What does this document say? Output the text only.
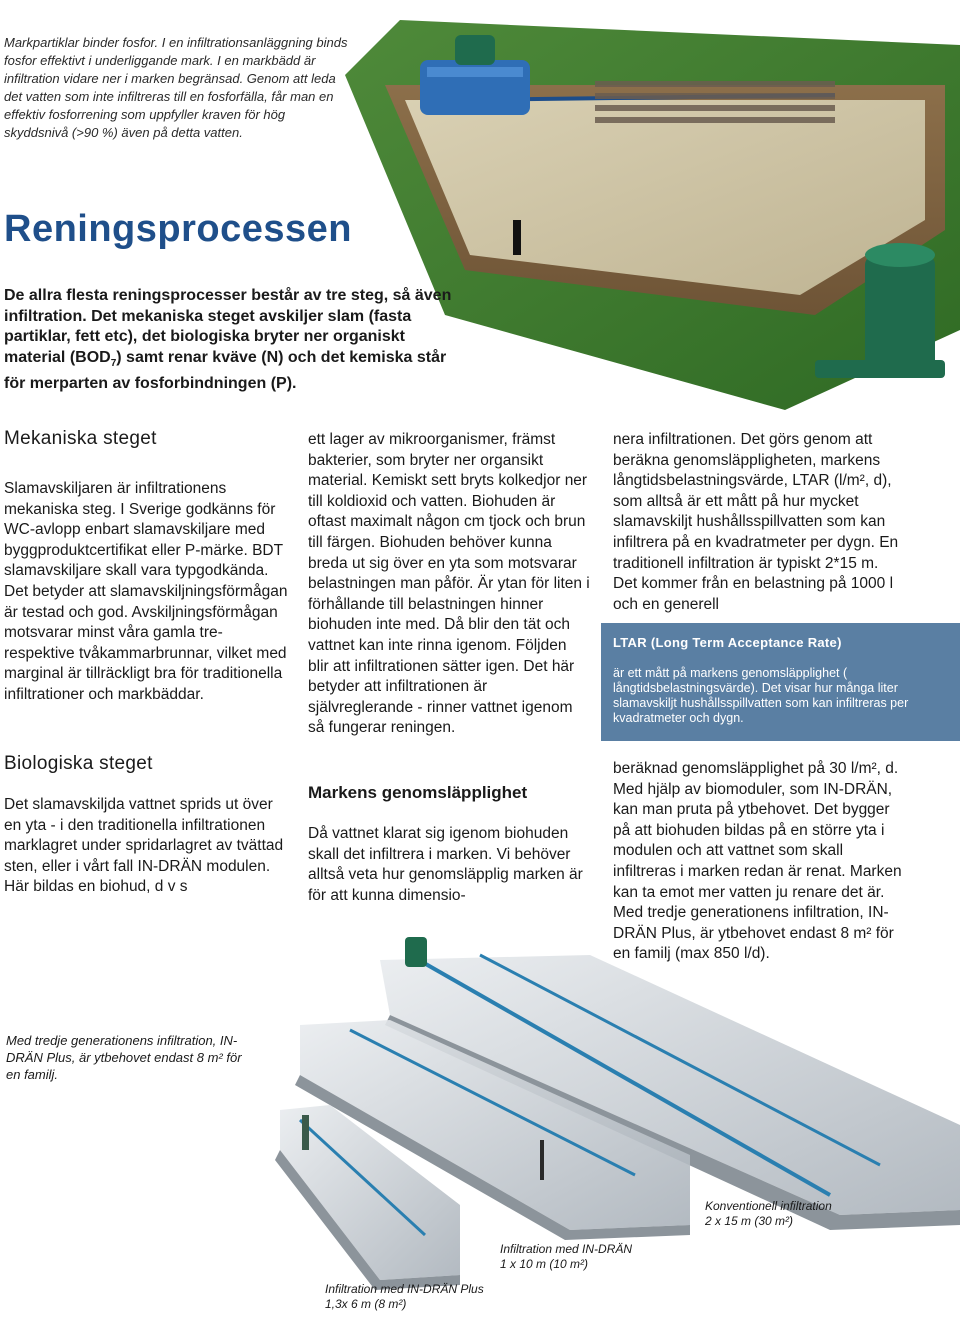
Markpartiklar binder fosfor. I en infiltrationsanläggning binds fosfor effektivt i underliggande mark. I en markbädd är infiltration vidare ner i marken begränsad. Genom att leda det vatten som inte infiltreras till en fosforfälla, får man en effektiv fosforrening som uppfyller kraven för hög skyddsnivå (>90 %) även på detta vatten.
Reningsprocessen

De allra flesta reningsprocesser består av tre steg, så även infiltration. Det mekaniska steget avskiljer slam (fasta partiklar, fett etc), det biologiska bryter ner organiskt material $(BOD_7)$ samt renar kväve (N) och det kemiska står för merparten av fosforbindningen (P).

Mekaniska steget

Slamavskiljaren är infiltrationens mekaniska steg. I Sverige godkänns för WC-avlopp enbart slamavskiljare med byggproduktcertifikat eller P-märke. BDT slamavskiljare skall vara typgodkända. Det betyder att slamavskiljningsförmågan är testad och god. Avskiljningsförmågan motsvarar minst våra gamla tre- respektive tvåkammarbrunnar, vilket med marginal är tillräckligt bra för traditionella infiltrationer och markbäddar.

Biologiska steget

Det slamavskiljda vattnet sprids ut över en yta - i den traditionella infiltrationen marklagret under spridarlagret av tvättad sten, eller i vårt fall IN-DRÄN modulen. Här bildas en biohud, d v s

ett lager av mikroorganismer, främst bakterier, som bryter ner organsikt material. Kemiskt sett bryts kolkedjor ner till koldioxid och vatten. Biohuden är oftast maximalt någon cm tjock och brun till färgen. Biohuden behöver kunna breda ut sig över en yta som motsvarar belastningen man påför. Är ytan för liten i förhållande till belastningen hinner biohuden inte med. Då blir den tät och vattnet kan inte rinna igenom. Följden blir att infiltrationen sätter igen. Det här betyder att infiltrationen är självreglerande - rinner vattnet igenom så fungerar reningen.

Markens genomsläpplighet

Då vattnet klarat sig igenom biohuden skall det infiltrera i marken. Vi behöver alltså veta hur genomsläpplig marken är för att kunna dimensio-

nera infiltrationen. Det görs genom att beräkna genomsläppligheten, markens långtidsbelastningsvärde, LTAR (l/m², d), som alltså är ett mått på hur mycket slamavskiljt hushållsspillvatten som kan infiltrera på en kvadratmeter per dygn. En traditionell infiltration är typiskt 2*15 m. Det kommer från en belastning på 1000 l och en generell

LTAR (Long Term Acceptance Rate)

är ett mått på markens genomsläpplighet ( långtidsbelastningsvärde). Det visar hur många liter slamavskiljt hushållsspillvatten som kan infiltreras per kvadratmeter och dygn.

beräknad genomsläpplighet på 30 l/m², d. Med hjälp av biomoduler, som IN-DRÄN, kan man pruta på ytbehovet. Det bygger på att biohuden bildas på en större yta i modulen och att vattnet som skall infiltreras i marken redan är renat. Marken kan ta emot mer vatten ju renare det är. Med tredje generationens infiltration, IN-DRÄN Plus, är ytbehovet endast 8 m² för en familj (max 850 l/d).

Med tredje generationens infiltration, IN-DRÄN Plus, är ytbehovet endast 8 m² för en familj.
Konventionell infiltration
2 x 15 m (30 m²)
Infiltration med IN-DRÄN
1 x 10 m (10 m²)
Infiltration med IN-DRÄN Plus
1,3x 6 m (8 m²)
